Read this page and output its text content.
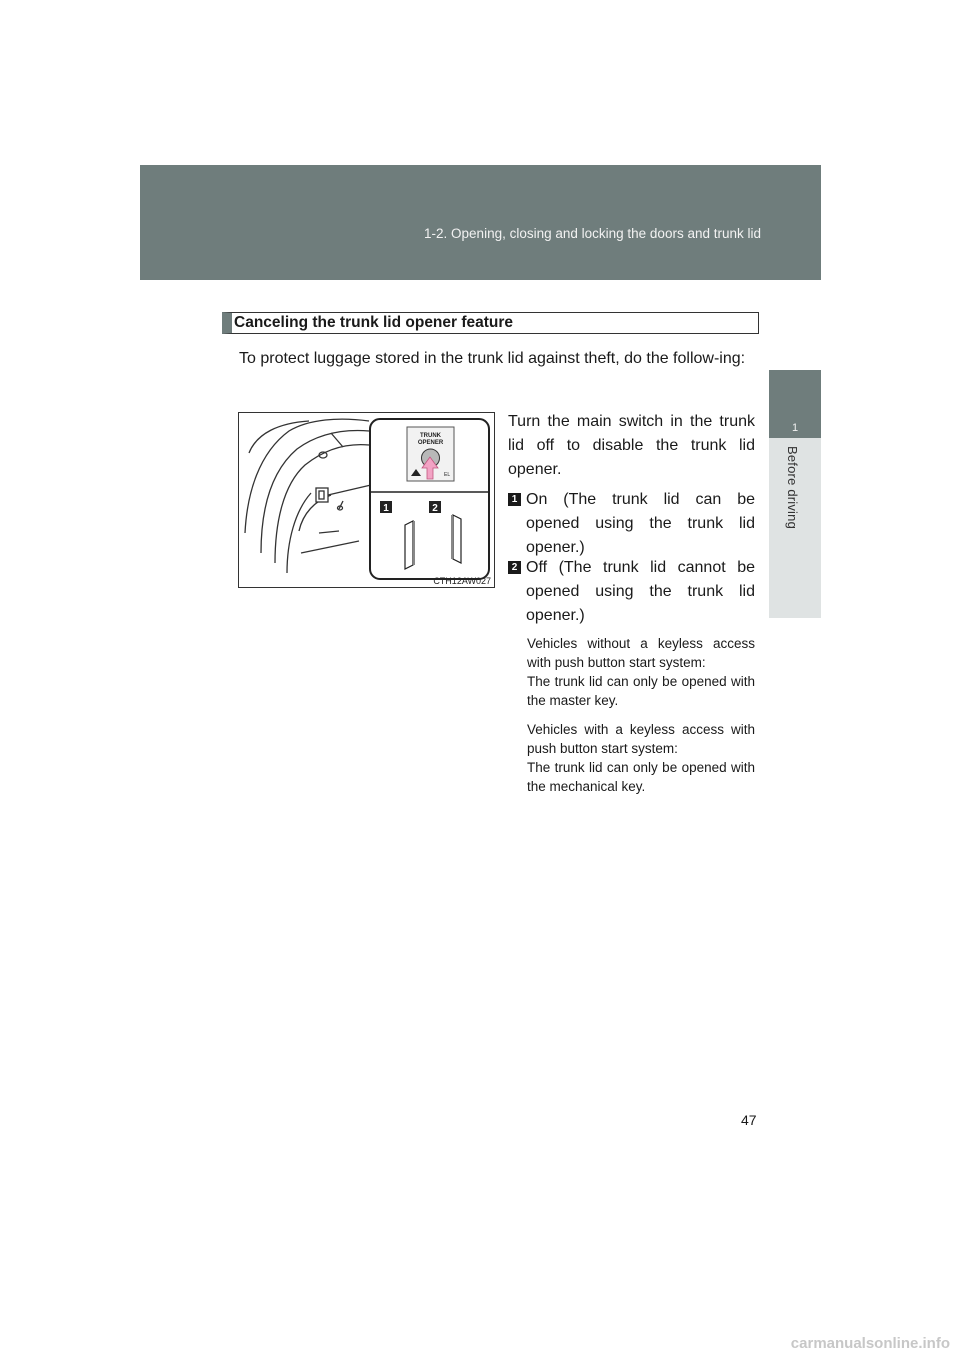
1-2. Opening, closing and locking the doors and trunk lid
1
Before driving
Canceling the trunk lid opener feature

To protect luggage stored in the trunk lid against theft, do the follow-ing:

TRUNK
OPENER
EL
1	2
CTH12AW027

Turn the main switch in the trunk lid off to disable the trunk lid opener.

1 On (The trunk lid can be opened using the trunk lid opener.)

2 Off (The trunk lid cannot be opened using the trunk lid opener.)

Vehicles without a keyless access with push button start system:

The trunk lid can only be opened with the master key.

Vehicles with a keyless access with push button start system:

The trunk lid can only be opened with the mechanical key.

47
carmanualsonline.info
